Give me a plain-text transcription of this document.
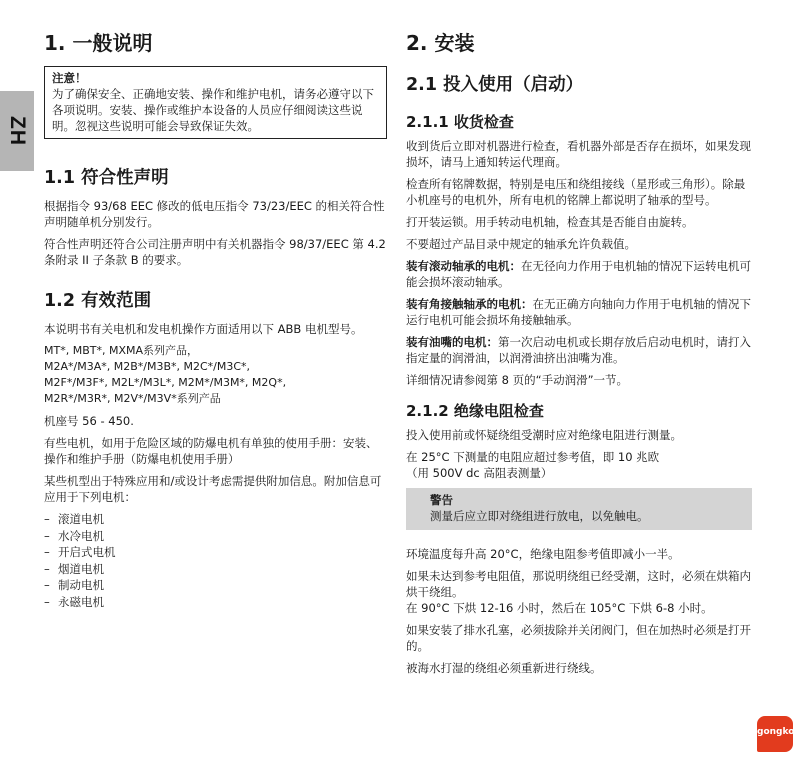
ZH
1. 一般说明
注意！
为了确保安全、正确地安装、操作和维护电机，请务必遵守以下各项说明。安装、操作或维护本设备的人员应仔细阅读这些说明。忽视这些说明可能会导致保证失效。
1.1 符合性声明

根据指令 93/68 EEC 修改的低电压指令 73/23/EEC 的相关符合性声明随单机分别发行。

符合性声明还符合公司注册声明中有关机器指令 98/37/EEC 第 4.2 条附录 II 子条款 B 的要求。

1.2 有效范围

本说明书有关电机和发电机操作方面适用以下 ABB 电机型号。

MT*, MBT*, MXMA系列产品，
M2A*/M3A*, M2B*/M3B*, M2C*/M3C*,
M2F*/M3F*, M2L*/M3L*, M2M*/M3M*, M2Q*,
M2R*/M3R*, M2V*/M3V*系列产品

机座号 56 - 450.

有些电机，如用于危险区域的防爆电机有单独的使用手册：安装、操作和维护手册（防爆电机使用手册）

某些机型出于特殊应用和/或设计考虑需提供附加信息。附加信息可应用于下列电机：

– 滚道电机
– 水冷电机
– 开启式电机
– 烟道电机
– 制动电机
– 永磁电机
2. 安装
2.1 投入使用（启动）
2.1.1 收货检查

收到货后立即对机器进行检查，看机器外部是否存在损坏，如果发现损坏，请马上通知转运代理商。

检查所有铭牌数据，特别是电压和绕组接线（星形或三角形）。除最小机座号的电机外，所有电机的铭牌上都说明了轴承的型号。

打开装运锁。用手转动电机轴，检查其是否能自由旋转。

不要超过产品目录中规定的轴承允许负载值。

装有滚动轴承的电机：在无径向力作用于电机轴的情况下运转电机可能会损坏滚动轴承。

装有角接触轴承的电机：在无正确方向轴向力作用于电机轴的情况下运行电机可能会损坏角接触轴承。

装有油嘴的电机：第一次启动电机或长期存放后启动电机时，请打入指定量的润滑油，以润滑油挤出油嘴为准。

详细情况请参阅第 8 页的“手动润滑”一节。

2.1.2 绝缘电阻检查

投入使用前或怀疑绕组受潮时应对绝缘电阻进行测量。

在 25°C 下测量的电阻应超过参考值，即 10 兆欧
（用 500V dc 高阻表测量）

警告
测量后应立即对绕组进行放电，以免触电。

环境温度每升高 20°C，绝缘电阻参考值即减小一半。

如果未达到参考电阻值，那说明绕组已经受潮，这时，必须在烘箱内烘干绕组。

在 90°C 下烘 12-16 小时，然后在 105°C 下烘 6-8 小时。

如果安装了排水孔塞，必须拔除并关闭阀门，但在加热时必须是打开的。

被海水打湿的绕组必须重新进行绕线。

gongkong
